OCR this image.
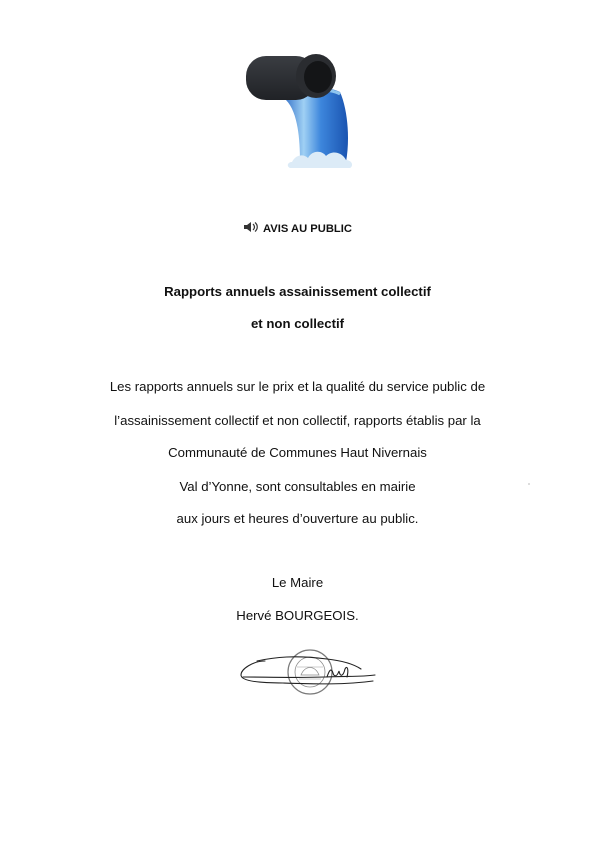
AVIS AU PUBLIC
Rapports annuels assainissement collectif
et non collectif
Les rapports annuels sur le prix et la qualité du service public de
l’assainissement collectif et non collectif, rapports établis par la
Communauté de Communes Haut Nivernais
Val d’Yonne, sont consultables en mairie
aux jours et heures d’ouverture au public.
Le Maire
Hervé BOURGEOIS.
